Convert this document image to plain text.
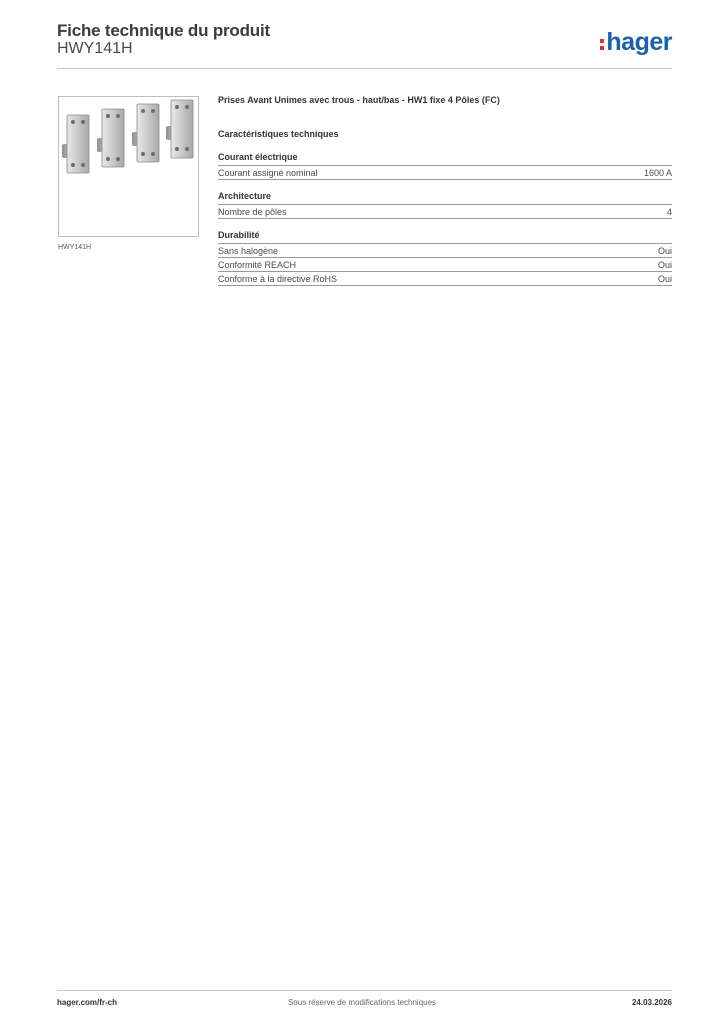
Fiche technique du produit
HWY141H	hager
HWY141H
Prises Avant Unimes avec trous - haut/bas - HW1 fixe 4 Pôles (FC)
Caractéristiques techniques
Courant électrique
Courant assigné nominal	1600 A
Architecture
Nombre de pôles	4
Durabilité
Sans halogène	Oui
Conformité REACH	Oui
Conforme à la directive RoHS	Oui
hager.com/fr-ch	Sous réserve de modifications techniques	24.03.2026
